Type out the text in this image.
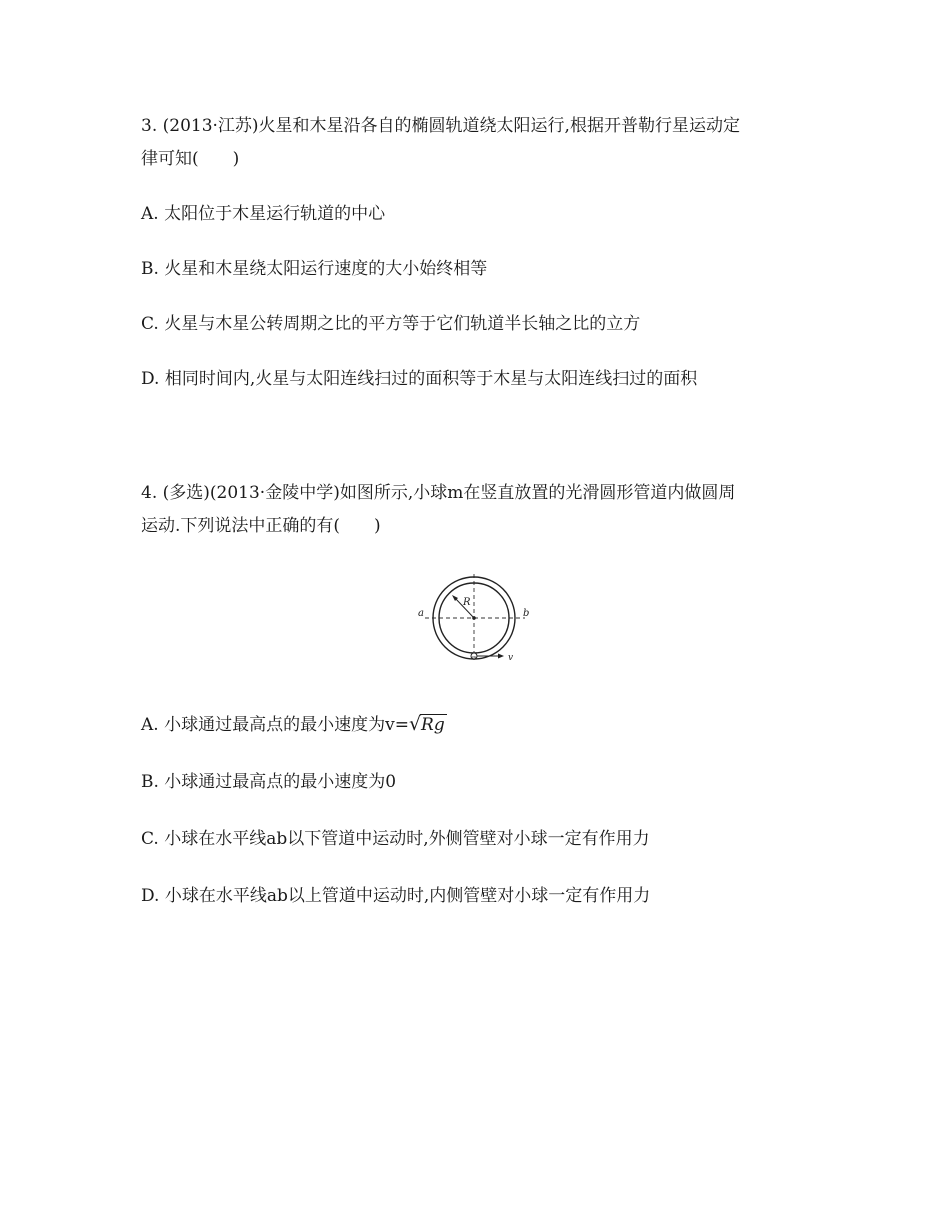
3. (2013·江苏)火星和木星沿各自的椭圆轨道绕太阳运行,根据开普勒行星运动定
律可知(　　)
A. 太阳位于木星运行轨道的中心
B. 火星和木星绕太阳运行速度的大小始终相等
C. 火星与木星公转周期之比的平方等于它们轨道半长轴之比的立方
D. 相同时间内,火星与太阳连线扫过的面积等于木星与太阳连线扫过的面积
4. (多选)(2013·金陵中学)如图所示,小球m在竖直放置的光滑圆形管道内做圆周
运动.下列说法中正确的有(　　)
R
a	b
m	v
A. 小球通过最高点的最小速度为v=√Rg
B. 小球通过最高点的最小速度为0
C. 小球在水平线ab以下管道中运动时,外侧管壁对小球一定有作用力
D. 小球在水平线ab以上管道中运动时,内侧管壁对小球一定有作用力
